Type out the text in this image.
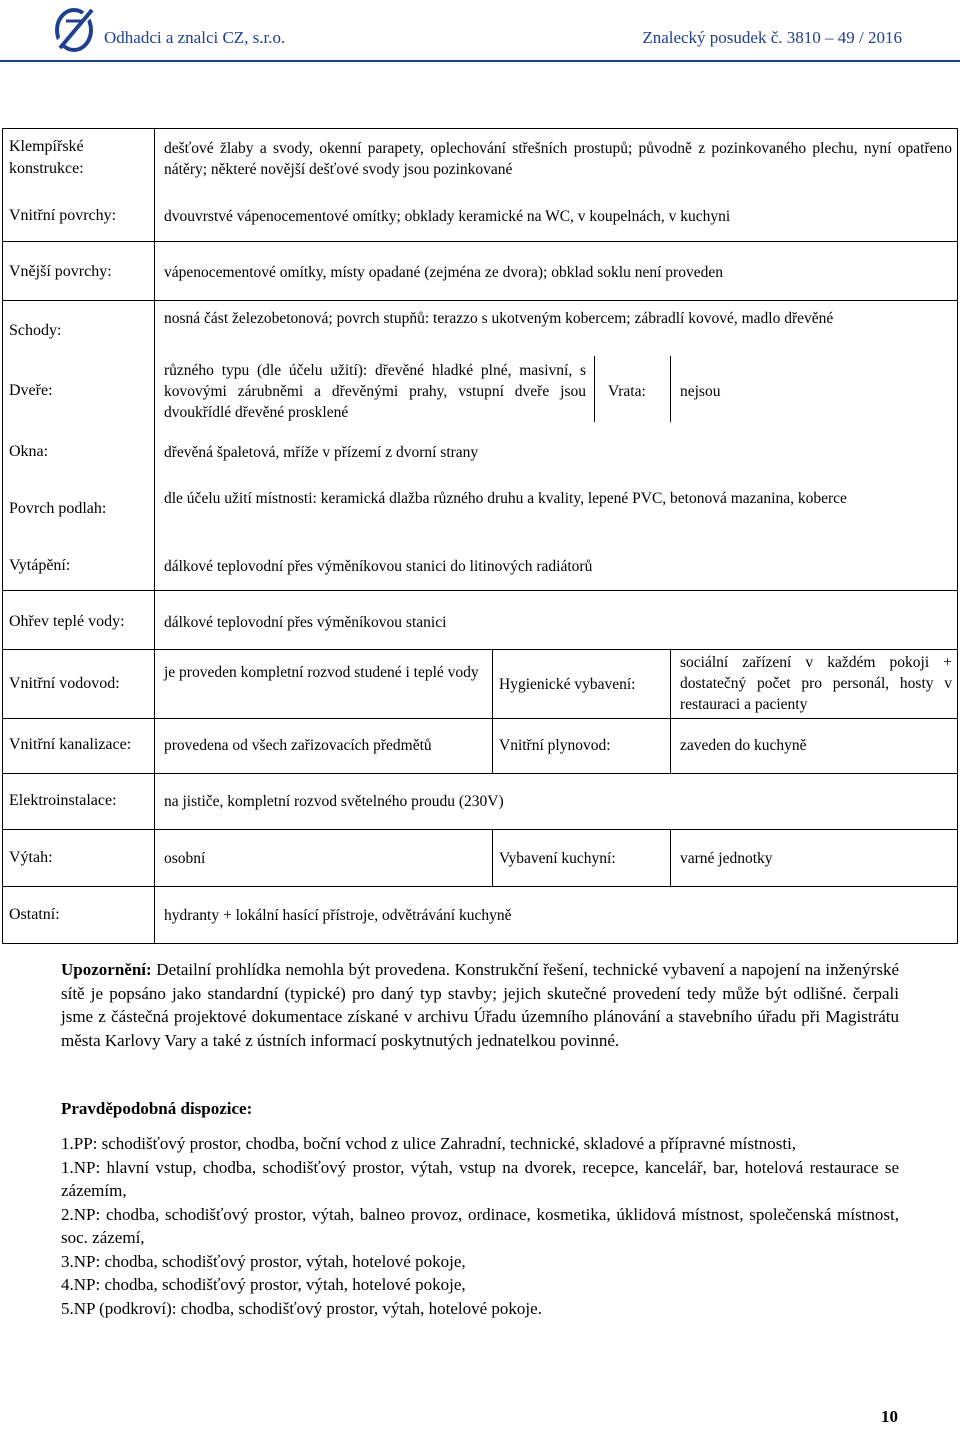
Odhadci a znalci CZ, s.r.o.	Znalecký posudek č. 3810 – 49 / 2016
Klempířské konstrukce:
dešťové žlaby a svody, okenní parapety, oplechování střešních prostupů; původně z pozinkovaného plechu, nyní opatřeno nátěry; některé novější dešťové svody jsou pozinkované
Vnitřní povrchy:	dvouvrstvé vápenocementové omítky; obklady keramické na WC, v koupelnách, v kuchyni
Vnější povrchy:	vápenocementové omítky, místy opadané (zejména ze dvora); obklad soklu není proveden
Schody:
nosná část železobetonová; povrch stupňů: terazzo s ukotveným kobercem; zábradlí kovové, madlo dřevěné
Dveře:
různého typu (dle účelu užití): dřevěné hladké plné, masivní, s kovovými zárubněmi a dřevěnými prahy, vstupní dveře jsou dvoukřídlé dřevěné prosklené
Vrata: nejsou
Okna:	dřevěná špaletová, mříže v přízemí z dvorní strany
Povrch podlah:
dle účelu užití místnosti: keramická dlažba různého druhu a kvality, lepené PVC, betonová mazanina, koberce
Vytápění:	dálkové teplovodní přes výměníkovou stanici do litinových radiátorů
Ohřev teplé vody:	dálkové teplovodní přes výměníkovou stanici
Vnitřní vodovod:
je proveden kompletní rozvod studené i teplé vody
Hygienické vybavení:
sociální zařízení v každém pokoji + dostatečný počet pro personál, hosty v restauraci a pacienty
Vnitřní kanalizace: provedena od všech zařizovacích předmětů	Vnitřní plynovod:	zaveden do kuchyně
Elektroinstalace:	na jističe, kompletní rozvod světelného proudu (230V)
Výtah:	osobní	Vybavení kuchyní:	varné jednotky
Ostatní:	hydranty + lokální hasící přístroje, odvětrávání kuchyně
Upozornění: Detailní prohlídka nemohla být provedena. Konstrukční řešení, technické vybavení a napojení na inženýrské sítě je popsáno jako standardní (typické) pro daný typ stavby; jejich skutečné provedení tedy může být odlišné. čerpali jsme z částečná projektové dokumentace získané v archivu Úřadu územního plánování a stavebního úřadu při Magistrátu města Karlovy Vary a také z ústních informací poskytnutých jednatelkou povinné.
Pravděpodobná dispozice:
1.PP: schodišťový prostor, chodba, boční vchod z ulice Zahradní, technické, skladové a přípravné místnosti,
1.NP: hlavní vstup, chodba, schodišťový prostor, výtah, vstup na dvorek, recepce, kancelář, bar, hotelová restaurace se zázemím,
2.NP: chodba, schodišťový prostor, výtah, balneo provoz, ordinace, kosmetika, úklidová místnost, společenská místnost, soc. zázemí,
3.NP: chodba, schodišťový prostor, výtah, hotelové pokoje,
4.NP: chodba, schodišťový prostor, výtah, hotelové pokoje,
5.NP (podkroví): chodba, schodišťový prostor, výtah, hotelové pokoje.
10
